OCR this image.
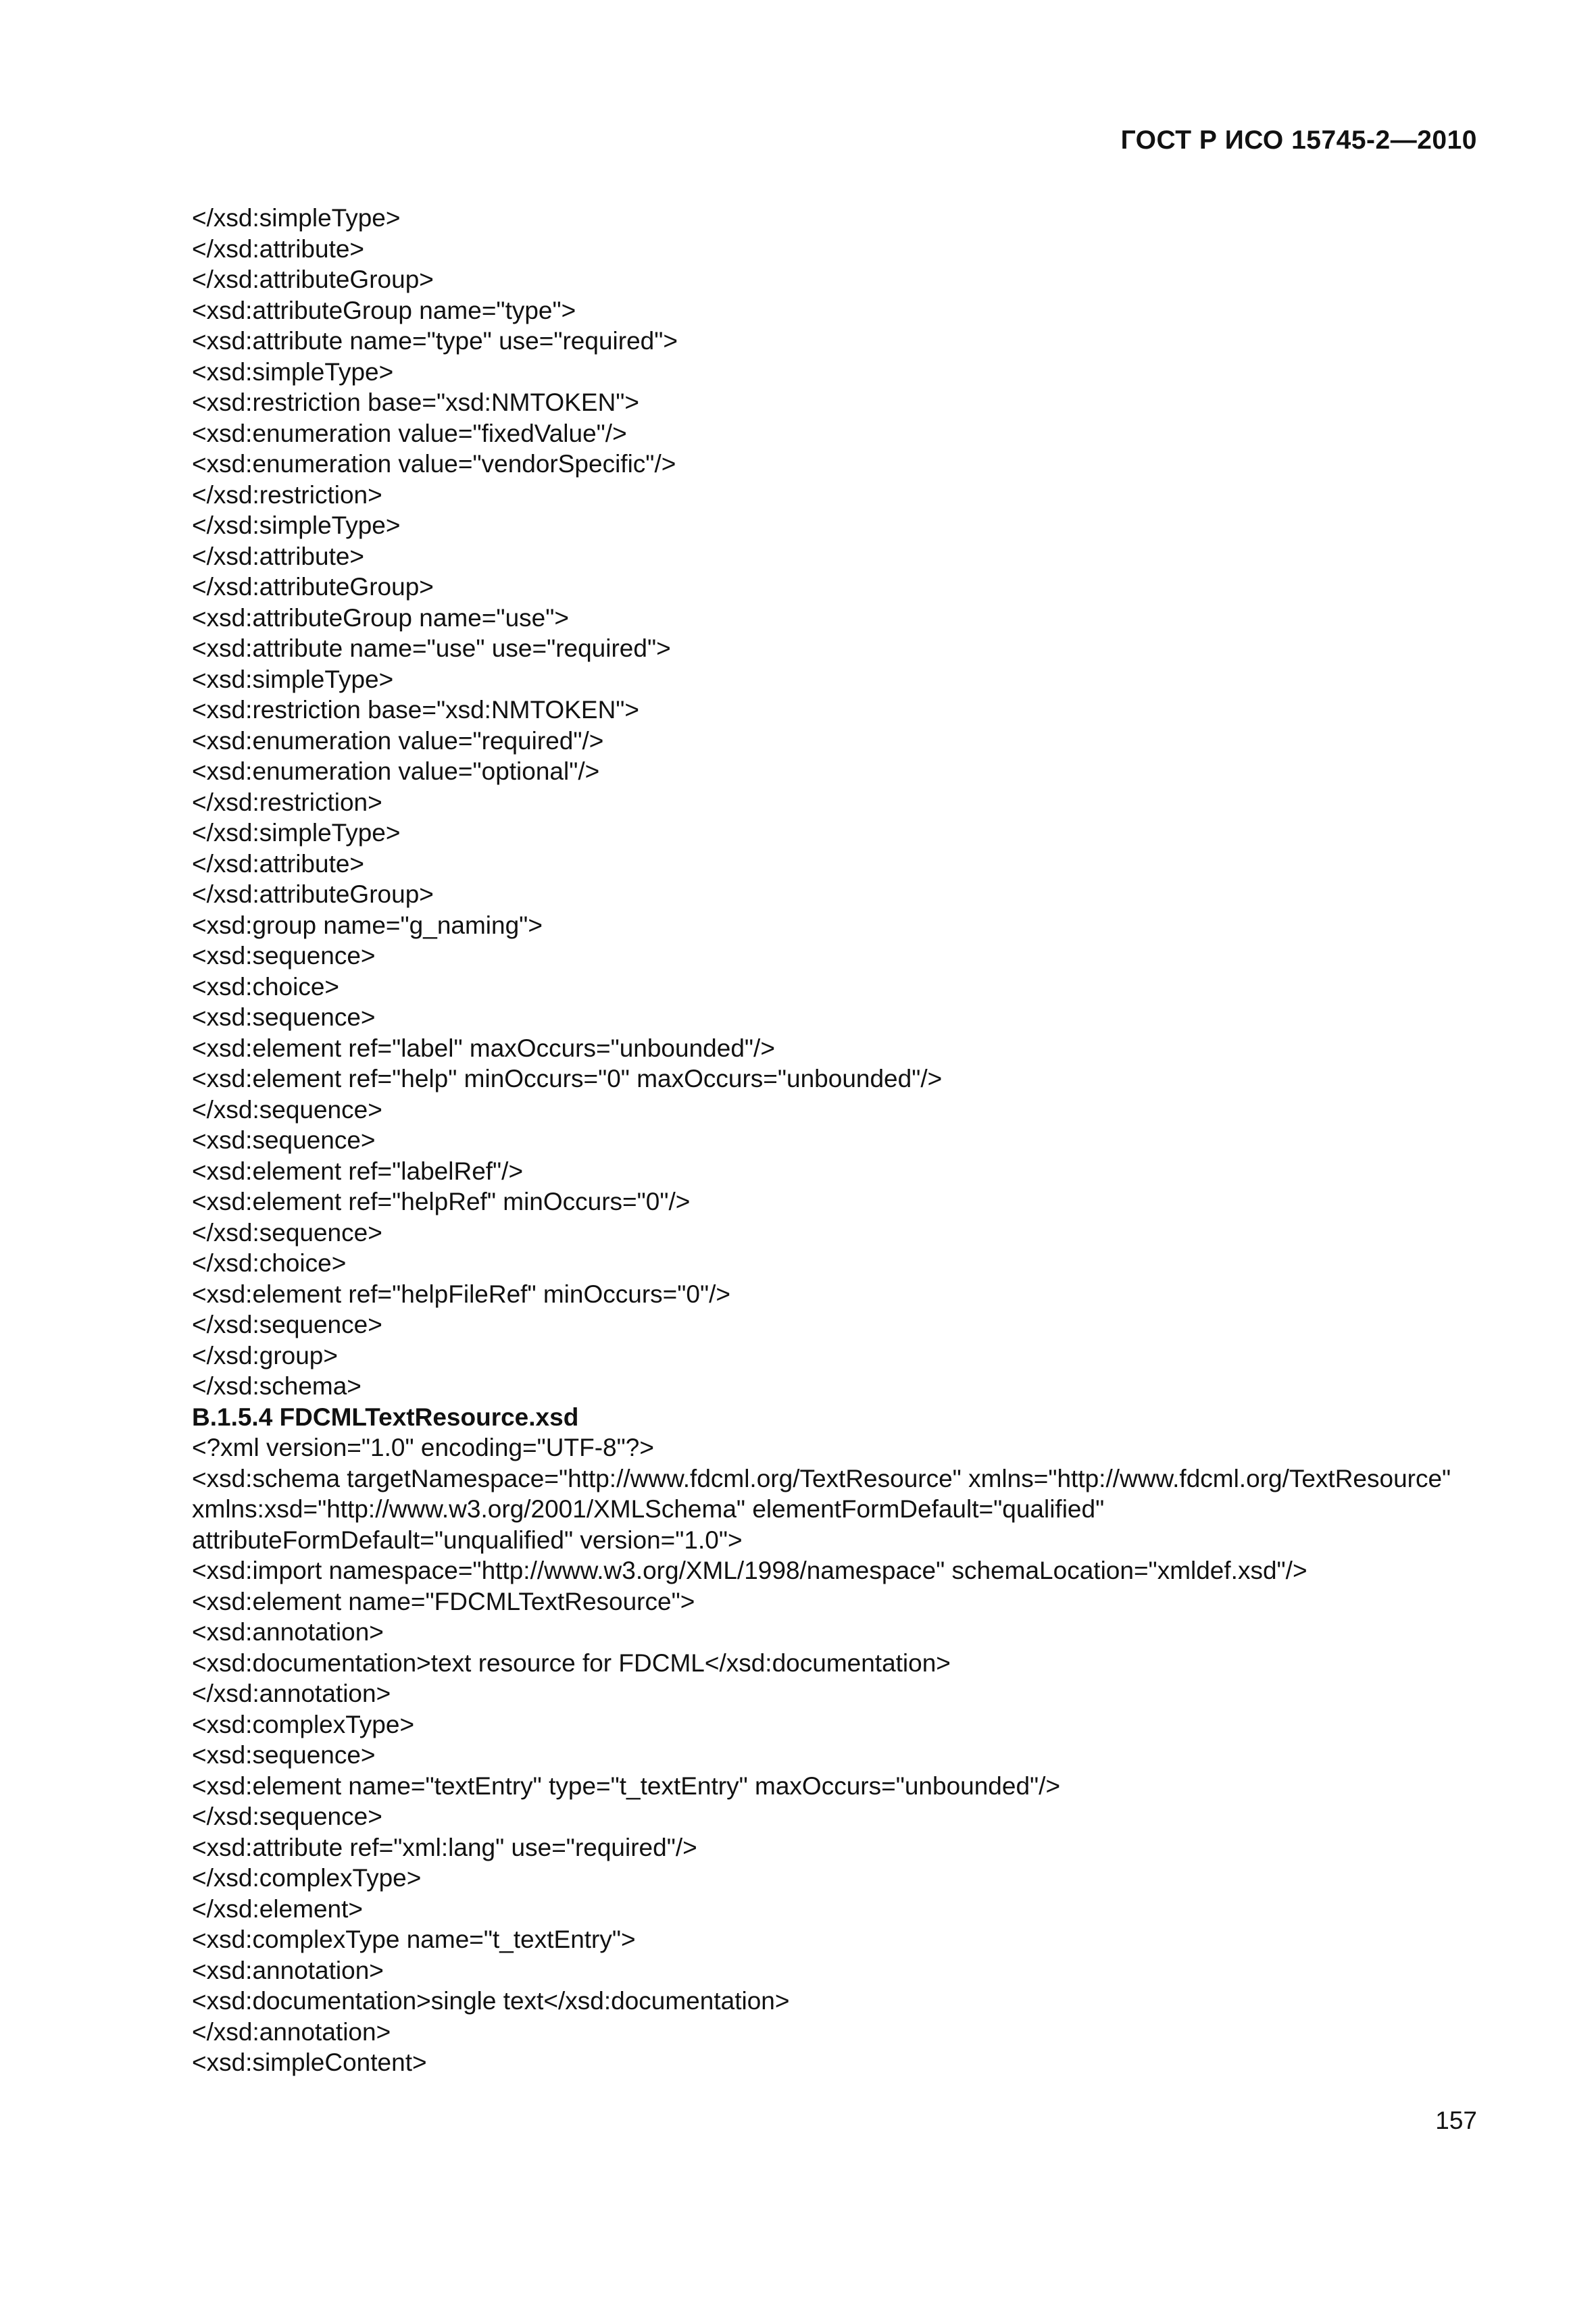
ГОСТ Р ИСО 15745-2—2010
</xsd:simpleType>
</xsd:attribute>
</xsd:attributeGroup>
<xsd:attributeGroup name="type">
<xsd:attribute name="type" use="required">
<xsd:simpleType>
<xsd:restriction base="xsd:NMTOKEN">
<xsd:enumeration value="fixedValue"/>
<xsd:enumeration value="vendorSpecific"/>
</xsd:restriction>
</xsd:simpleType>
</xsd:attribute>
</xsd:attributeGroup>
<xsd:attributeGroup name="use">
<xsd:attribute name="use" use="required">
<xsd:simpleType>
<xsd:restriction base="xsd:NMTOKEN">
<xsd:enumeration value="required"/>
<xsd:enumeration value="optional"/>
</xsd:restriction>
</xsd:simpleType>
</xsd:attribute>
</xsd:attributeGroup>
<xsd:group name="g_naming">
<xsd:sequence>
<xsd:choice>
<xsd:sequence>
<xsd:element ref="label" maxOccurs="unbounded"/>
<xsd:element ref="help" minOccurs="0" maxOccurs="unbounded"/>
</xsd:sequence>
<xsd:sequence>
<xsd:element ref="labelRef"/>
<xsd:element ref="helpRef" minOccurs="0"/>
</xsd:sequence>
</xsd:choice>
<xsd:element ref="helpFileRef" minOccurs="0"/>
</xsd:sequence>
</xsd:group>
</xsd:schema>
B.1.5.4 FDCMLTextResource.xsd
<?xml version="1.0" encoding="UTF-8"?>
<xsd:schema targetNamespace="http://www.fdcml.org/TextResource" xmlns="http://www.fdcml.org/TextResource" xmlns:xsd="http://www.w3.org/2001/XMLSchema" elementFormDefault="qualified" attributeFormDefault="unqualified" version="1.0">
<xsd:import namespace="http://www.w3.org/XML/1998/namespace" schemaLocation="xmldef.xsd"/>
<xsd:element name="FDCMLTextResource">
<xsd:annotation>
<xsd:documentation>text resource for FDCML</xsd:documentation>
</xsd:annotation>
<xsd:complexType>
<xsd:sequence>
<xsd:element name="textEntry" type="t_textEntry" maxOccurs="unbounded"/>
</xsd:sequence>
<xsd:attribute ref="xml:lang" use="required"/>
</xsd:complexType>
</xsd:element>
<xsd:complexType name="t_textEntry">
<xsd:annotation>
<xsd:documentation>single text</xsd:documentation>
</xsd:annotation>
<xsd:simpleContent>
157
